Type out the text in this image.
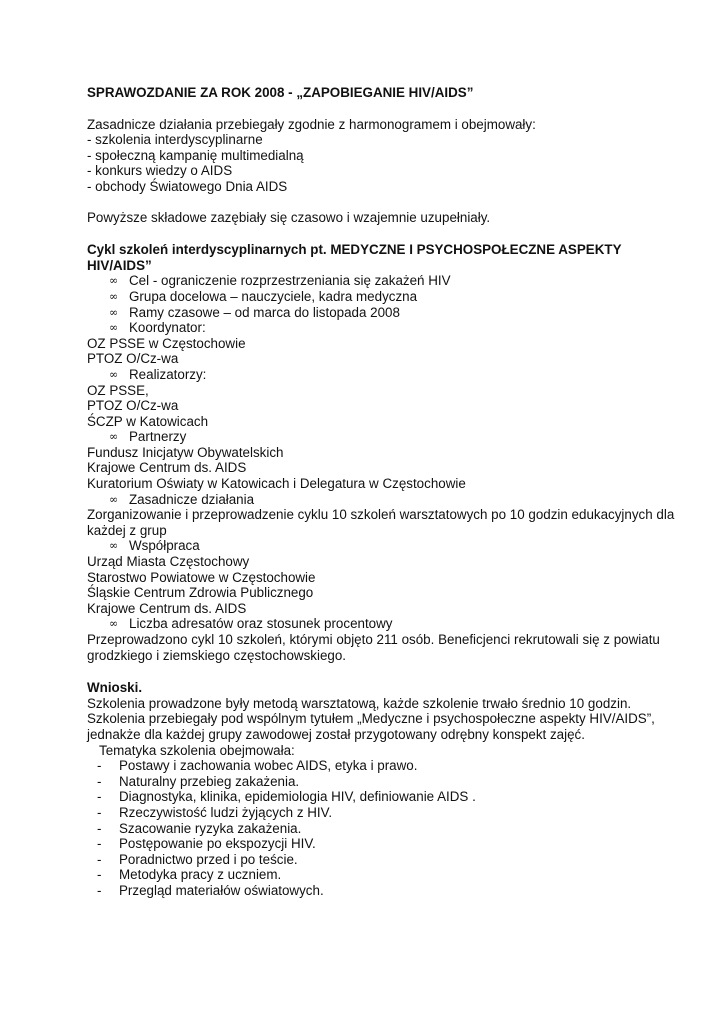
SPRAWOZDANIE ZA ROK 2008 - „ZAPOBIEGANIE HIV/AIDS”

Zasadnicze działania przebiegały zgodnie z harmonogramem i obejmowały:

- szkolenia interdyscyplinarne
- społeczną kampanię multimedialną
- konkurs wiedzy o AIDS
- obchody Światowego Dnia AIDS

Powyższe składowe zazębiały się czasowo i wzajemnie uzupełniały.

Cykl szkoleń interdyscyplinarnych pt. MEDYCZNE I PSYCHOSPOŁECZNE ASPEKTY HIV/AIDS”

∞ Cel - ograniczenie rozprzestrzeniania się zakażeń HIV
∞ Grupa docelowa – nauczyciele, kadra medyczna
∞ Ramy czasowe – od marca do listopada 2008
∞ Koordynator:

OZ PSSE w Częstochowie

PTOZ O/Cz-wa

∞ Realizatorzy:

OZ PSSE,

PTOZ O/Cz-wa

ŚCZP w Katowicach

∞ Partnerzy

Fundusz Inicjatyw Obywatelskich

Krajowe Centrum ds. AIDS

Kuratorium Oświaty w Katowicach i Delegatura w Częstochowie

∞ Zasadnicze działania

Zorganizowanie i przeprowadzenie cyklu 10 szkoleń warsztatowych po 10 godzin edukacyjnych dla każdej z grup

∞ Współpraca

Urząd Miasta Częstochowy

Starostwo Powiatowe w Częstochowie

Śląskie Centrum Zdrowia Publicznego

Krajowe Centrum ds. AIDS

∞ Liczba adresatów oraz stosunek procentowy

Przeprowadzono cykl 10 szkoleń, którymi objęto 211 osób. Beneficjenci rekrutowali się z powiatu grodzkiego i ziemskiego częstochowskiego.

Wnioski.

Szkolenia prowadzone były metodą warsztatową, każde szkolenie trwało średnio 10 godzin.

Szkolenia przebiegały pod wspólnym tytułem „Medyczne i psychospołeczne aspekty HIV/AIDS”, jednakże dla każdej grupy zawodowej został przygotowany odrębny konspekt zajęć.

Tematyka szkolenia obejmowała:

-	Postawy i zachowania wobec AIDS, etyka i prawo.
-	Naturalny przebieg zakażenia.
-	Diagnostyka, klinika, epidemiologia HIV, definiowanie AIDS .
-	Rzeczywistość ludzi żyjących z HIV.
-	Szacowanie ryzyka zakażenia.
-	Postępowanie po ekspozycji HIV.
-	Poradnictwo przed i po teście.
-	Metodyka pracy z uczniem.
-	Przegląd materiałów oświatowych.
